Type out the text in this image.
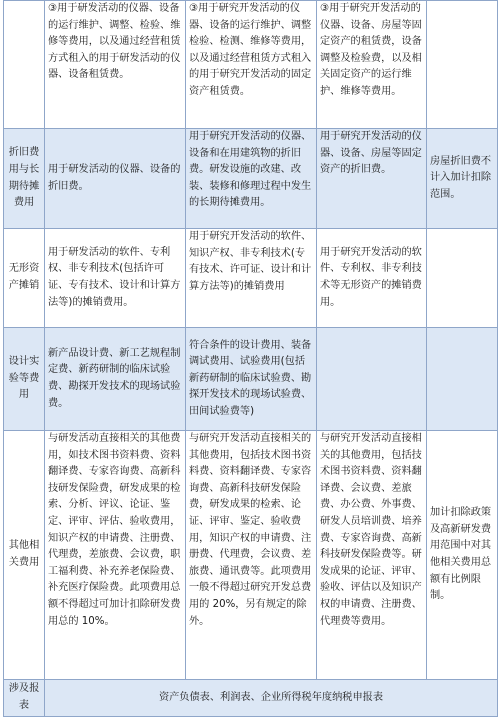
	③用于研发活动的仪器、设备的运行维护、调整、检验、维修等费用，以及通过经营租赁方式租入的用于研发活动的仪器、设备租赁费。	③用于研究开发活动的仪器、设备的运行维护、调整检验、检测、维修等费用，以及通过经营租赁方式租入的用于研究开发活动的固定资产租赁费。	③用于研究开发活动的仪器、设备、房屋等固定资产的租赁费，设备调整及检验费，以及相关固定资产的运行维护、维修等费用。	
折旧费用与长期待摊费用	用于研发活动的仪器、设备的折旧费。	用于研究开发活动的仪器、设备和在用建筑物的折旧费。研发设施的改建、改装、装修和修理过程中发生的长期待摊费用。	用于研究开发活动的仪器、设备、房屋等固定资产的折旧费。	房屋折旧费不计入加计扣除范围。
无形资产摊销	用于研发活动的软件、专利权、非专利技术(包括许可证、专有技术、设计和计算方法等)的摊销费用。	用于研究开发活动的软件、知识产权、非专利技术(专有技术、许可证、设计和计算方法等)的摊销费用	用于研究开发活动的软件、专利权、非专利技术等无形资产的摊销费用。	
设计实验等费用	新产品设计费、新工艺规程制定费、新药研制的临床试验费、勘探开发技术的现场试验费。	符合条件的设计费用、装备调试费用、试验费用(包括新药研制的临床试验费、勘探开发技术的现场试验费、田间试验费等)		
其他相关费用	与研发活动直接相关的其他费用，如技术图书资料费、资料翻译费、专家咨询费、高新科技研发保险费，研发成果的检索、分析、评议、论证、鉴定、评审、评估、验收费用，知识产权的申请费、注册费、代理费，差旅费、会议费，职工福利费、补充养老保险费、补充医疗保险费。此项费用总额不得超过可加计扣除研发费用总的 10%。	与研究开发活动直接相关的其他费用，包括技术图书资料费、资料翻译费、专家咨询费、高新科技研发保险费，研发成果的检索、论证、评审、鉴定、验收费用，知识产权的申请费、注册费、代理费，会议费、差旅费、通讯费等。此项费用一般不得超过研究开发总费用的 20%，另有规定的除外。	与研究开发活动直接相关的其他费用，包括技术图书资料费、资料翻译费、会议费、差旅费、办公费、外事费、研发人员培训费、培养费、专家咨询费、高新科技研发保险费等。研发成果的论证、评审、验收、评估以及知识产权的申请费、注册费、代理费等费用。	加计扣除政策及高新研发费用范围中对其他相关费用总额有比例限制。
涉及报表	资产负债表、利润表、企业所得税年度纳税申报表			
